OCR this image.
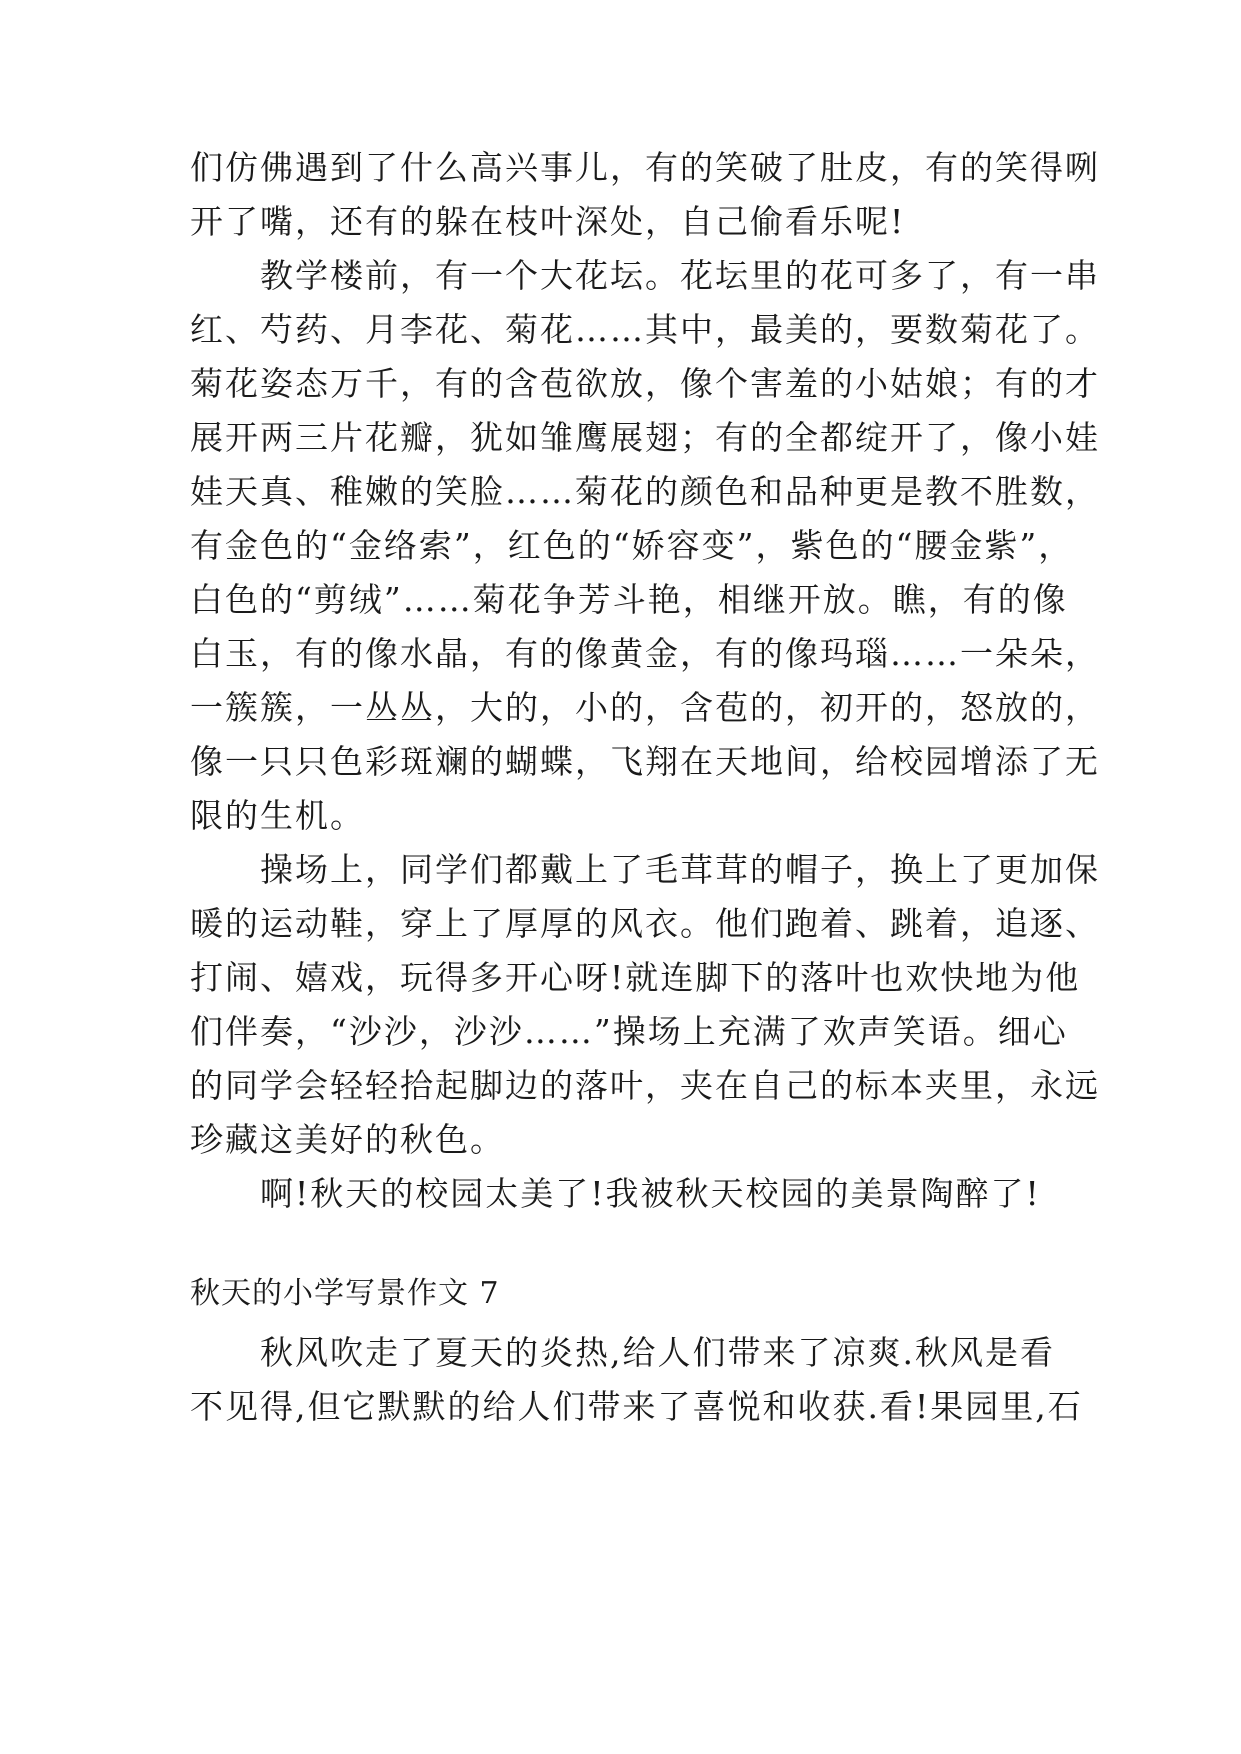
们仿佛遇到了什么高兴事儿，有的笑破了肚皮，有的笑得咧
开了嘴，还有的躲在枝叶深处，自己偷看乐呢!
教学楼前，有一个大花坛。花坛里的花可多了，有一串
红、芍药、月李花、菊花……其中，最美的，要数菊花了。
菊花姿态万千，有的含苞欲放，像个害羞的小姑娘；有的才
展开两三片花瓣，犹如雏鹰展翅；有的全都绽开了，像小娃
娃天真、稚嫩的笑脸……菊花的颜色和品种更是教不胜数，
有金色的“金络索”，红色的“娇容变”，紫色的“腰金紫”，
白色的“剪绒”……菊花争芳斗艳，相继开放。瞧，有的像
白玉，有的像水晶，有的像黄金，有的像玛瑙……一朵朵，
一簇簇，一丛丛，大的，小的，含苞的，初开的，怒放的，
像一只只色彩斑斓的蝴蝶，飞翔在天地间，给校园增添了无
限的生机。
操场上，同学们都戴上了毛茸茸的帽子，换上了更加保
暖的运动鞋，穿上了厚厚的风衣。他们跑着、跳着，追逐、
打闹、嬉戏，玩得多开心呀!就连脚下的落叶也欢快地为他
们伴奏，“沙沙，沙沙……”操场上充满了欢声笑语。细心
的同学会轻轻拾起脚边的落叶，夹在自己的标本夹里，永远
珍藏这美好的秋色。
啊!秋天的校园太美了!我被秋天校园的美景陶醉了!
秋天的小学写景作文 7
秋风吹走了夏天的炎热,给人们带来了凉爽.秋风是看
不见得,但它默默的给人们带来了喜悦和收获.看!果园里,石
